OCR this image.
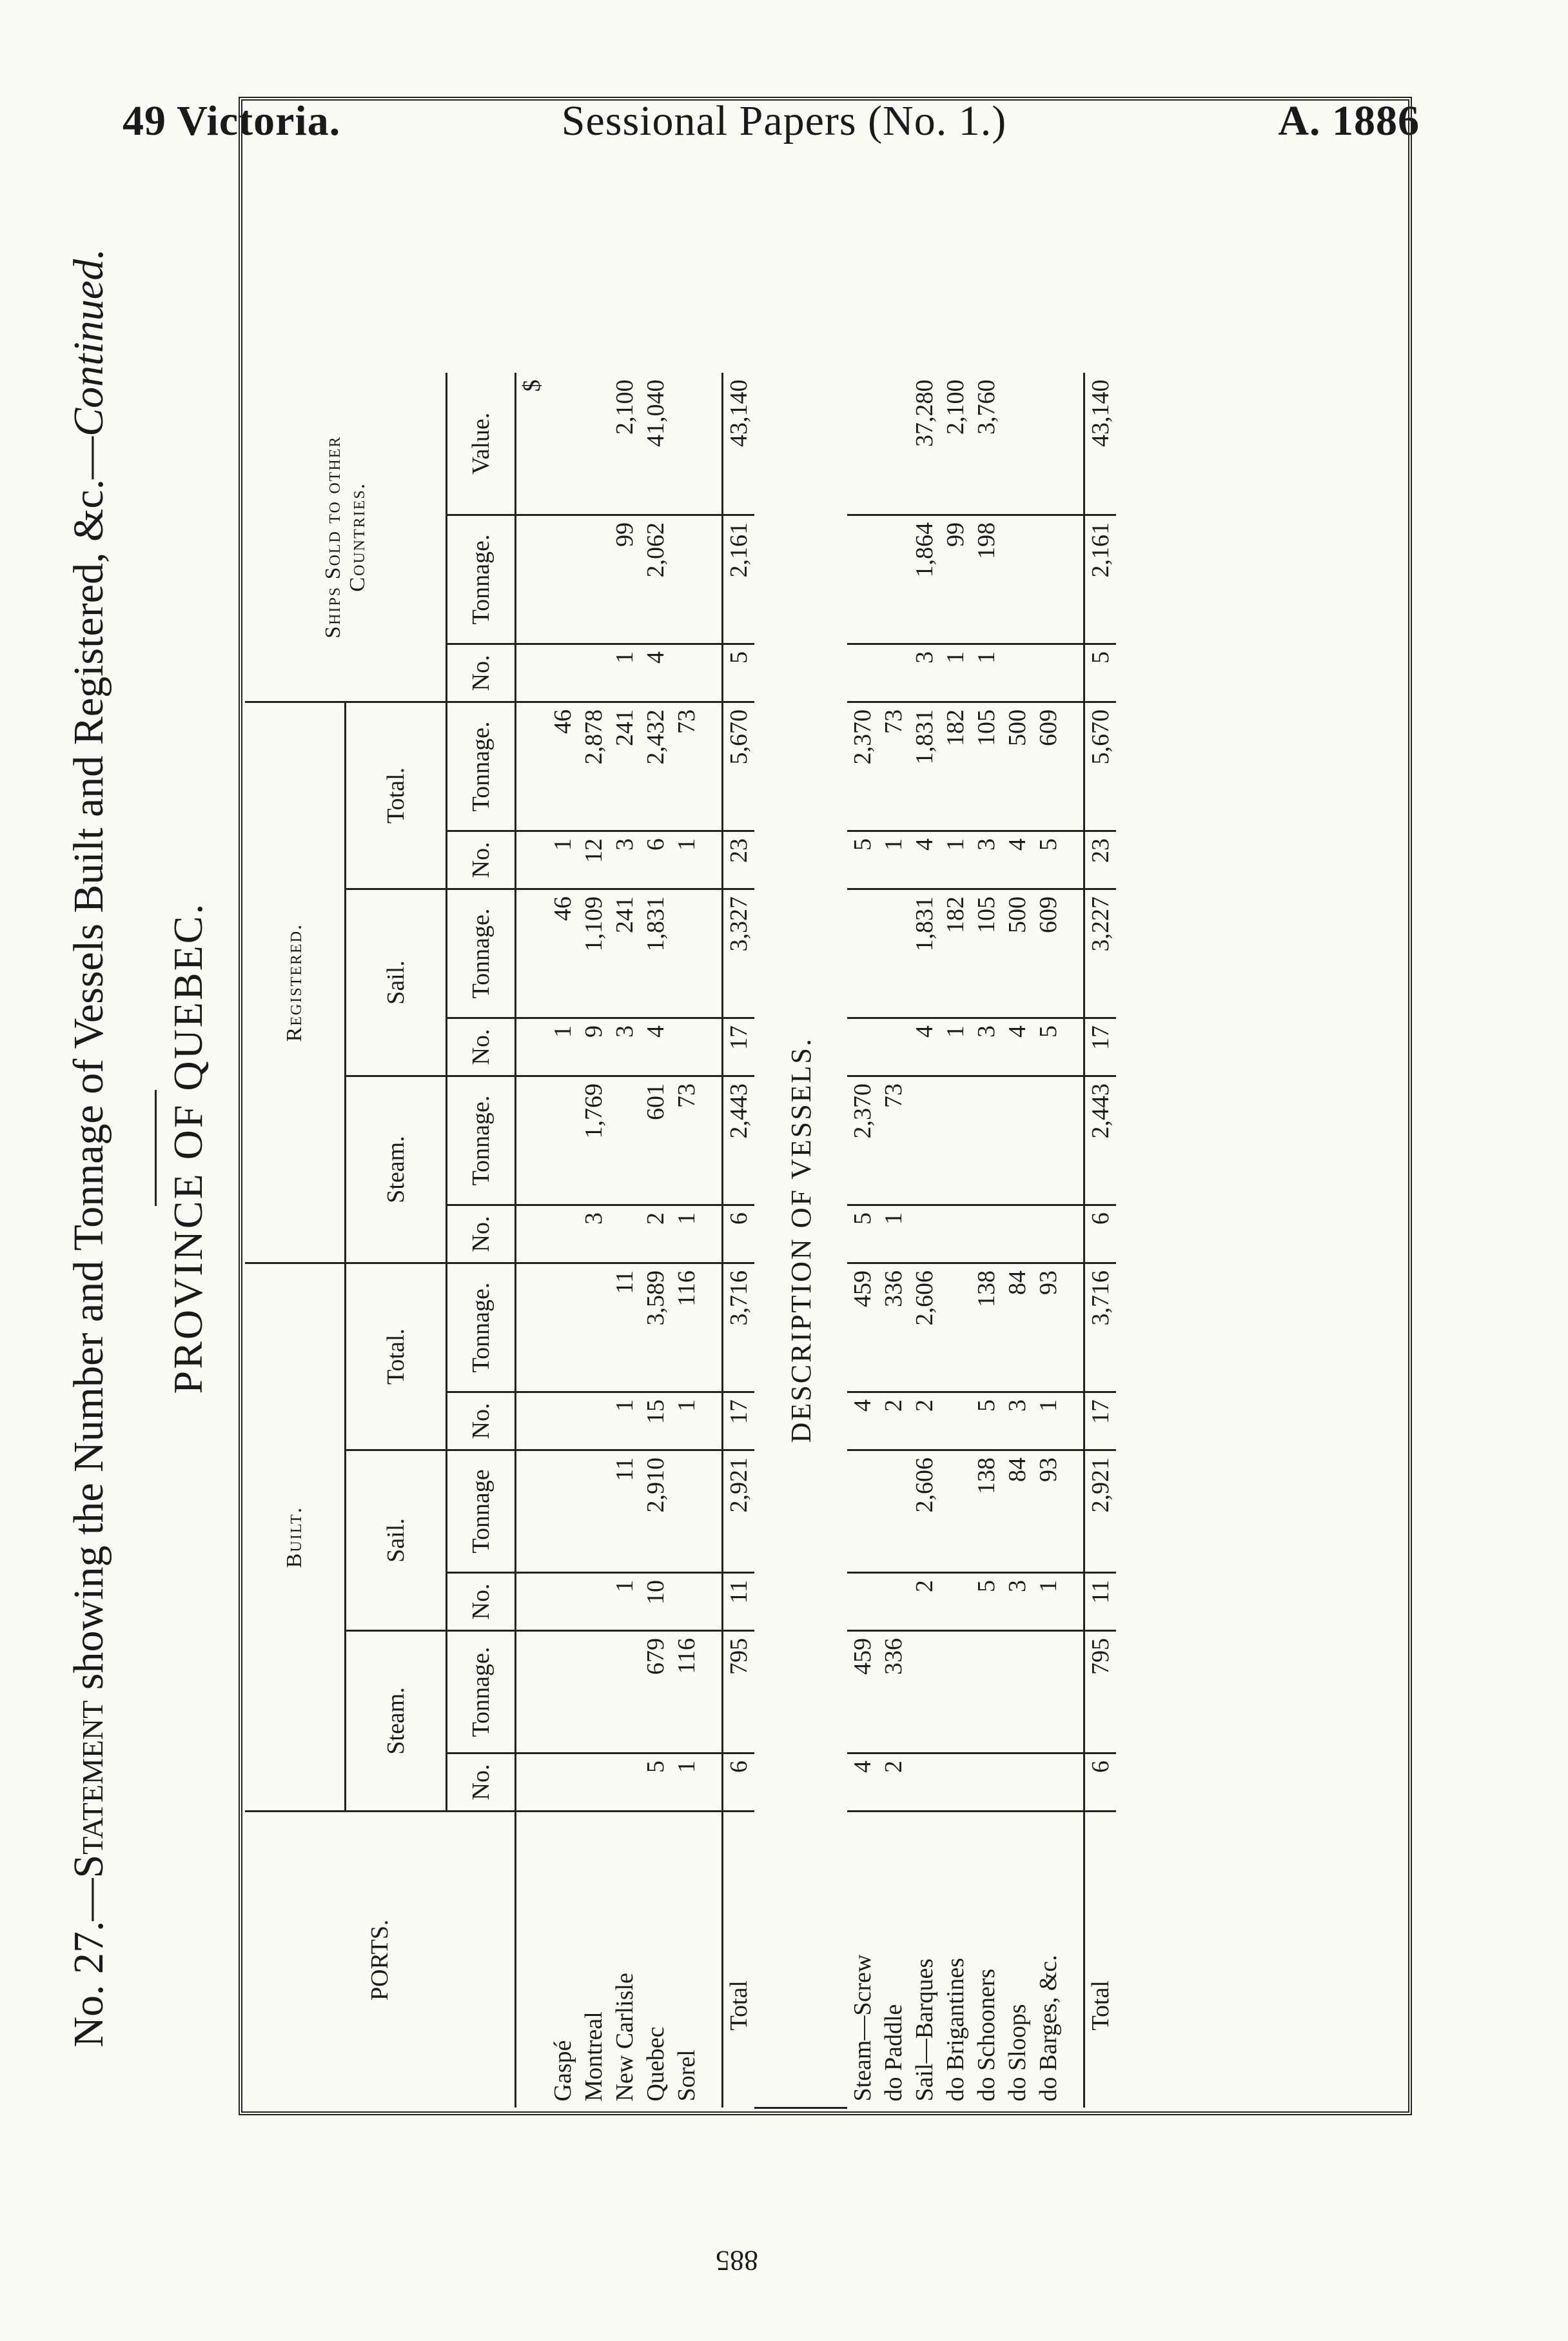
49 Victoria.	Sessional Papers (No. 1.)	A. 1886
No. 27.—Statement showing the Number and Tonnage of Vessels Built and Registered, &c.—Continued.
PROVINCE OF QUEBEC.
PORTS.	Built.						Registered.						Ships Sold to other Countries.		
	Steam.		Sail.		Total.		Steam.		Sail.		Total.				
	No.	Tonnage.	No.	Tonnage	No.	Tonnage.	No.	Tonnage.	No.	Tonnage.	No.	Tonnage.	No.	Tonnage.	Value.
															$
Gaspé									1	46	1	46			
Montreal							3	1,769	9	1,109	12	2,878			
New Carlisle			1	11	1	11			3	241	3	241	1	99	2,100
Quebec	5	679	10	2,910	15	3,589	2	601	4	1,831	6	2,432	4	2,062	41,040
Sorel	1	116			1	116	1	73			1	73			

Total	6	795	11	2,921	17	3,716	6	2,443	17	3,327	23	5,670	5	2,161	43,140
DESCRIPTION OF VESSELS.															
Steam—Screw	4	459			4	459	5	2,370			5	2,370			
do Paddle	2	336			2	336	1	73			1	73			
Sail—Barques			2	2,606	2	2,606			4	1,831	4	1,831	3	1,864	37,280
do Brigantines									1	182	1	182	1	99	2,100
do Schooners			5	138	5	138			3	105	3	105	1	198	3,760
do Sloops			3	84	3	84			4	500	4	500			
do Barges, &c.			1	93	1	93			5	609	5	609			

Total	6	795	11	2,921	17	3,716	6	2,443	17	3,227	23	5,670	5	2,161	43,140
885
